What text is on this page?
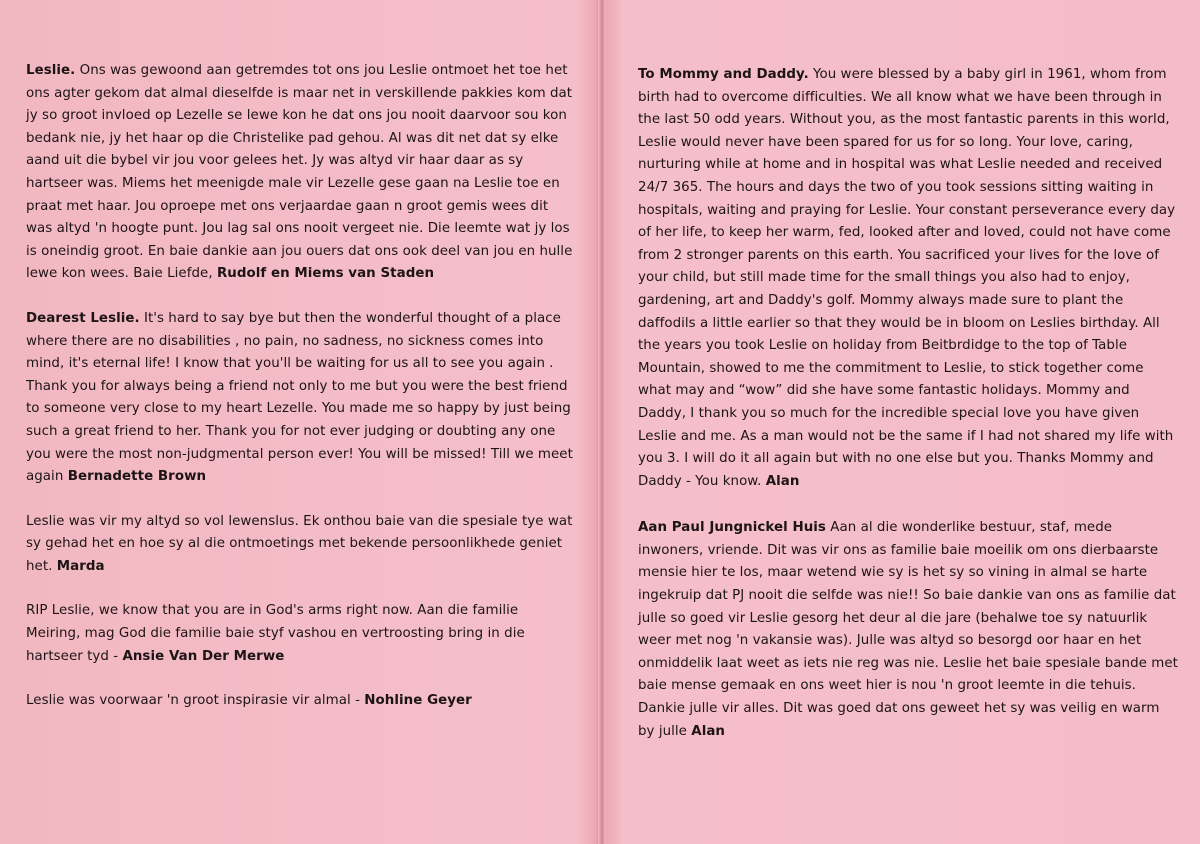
Leslie. Ons was gewoond aan getremdes tot ons jou Leslie ontmoet het toe het ons agter gekom dat almal dieselfde is maar net in verskillende pakkies kom dat jy so groot invloed op Lezelle se lewe kon he dat ons jou nooit daarvoor sou kon bedank nie, jy het haar op die Christelike pad gehou. Al was dit net dat sy elke aand uit die bybel vir jou voor gelees het. Jy was altyd vir haar daar as sy hartseer was. Miems het meenigde male vir Lezelle gese gaan na Leslie toe en praat met haar. Jou oproepe met ons verjaardae gaan n groot gemis wees dit was altyd 'n hoogte punt. Jou lag sal ons nooit vergeet nie. Die leemte wat jy los is oneindig groot. En baie dankie aan jou ouers dat ons ook deel van jou en hulle lewe kon wees. Baie Liefde, Rudolf en Miems van Staden

Dearest Leslie. It's hard to say bye but then the wonderful thought of a place where there are no disabilities , no pain, no sadness, no sickness comes into mind, it's eternal life! I know that you'll be waiting for us all to see you again . Thank you for always being a friend not only to me but you were the best friend to someone very close to my heart Lezelle. You made me so happy by just being such a great friend to her. Thank you for not ever judging or doubting any one you were the most non-judgmental person ever! You will be missed! Till we meet again Bernadette Brown

Leslie was vir my altyd so vol lewenslus. Ek onthou baie van die spesiale tye wat sy gehad het en hoe sy al die ontmoetings met bekende persoonlikhede geniet het. Marda

RIP Leslie, we know that you are in God's arms right now. Aan die familie Meiring, mag God die familie baie styf vashou en vertroosting bring in die hartseer tyd - Ansie Van Der Merwe

Leslie was voorwaar 'n groot inspirasie vir almal - Nohline Geyer

To Mommy and Daddy. You were blessed by a baby girl in 1961, whom from birth had to overcome difficulties. We all know what we have been through in the last 50 odd years. Without you, as the most fantastic parents in this world, Leslie would never have been spared for us for so long. Your love, caring, nurturing while at home and in hospital was what Leslie needed and received 24/7 365. The hours and days the two of you took sessions sitting waiting in hospitals, waiting and praying for Leslie. Your constant perseverance every day of her life, to keep her warm, fed, looked after and loved, could not have come from 2 stronger parents on this earth. You sacrificed your lives for the love of your child, but still made time for the small things you also had to enjoy, gardening, art and Daddy's golf. Mommy always made sure to plant the daffodils a little earlier so that they would be in bloom on Leslies birthday. All the years you took Leslie on holiday from Beitbrdidge to the top of Table Mountain, showed to me the commitment to Leslie, to stick together come what may and “wow” did she have some fantastic holidays. Mommy and Daddy, I thank you so much for the incredible special love you have given Leslie and me. As a man would not be the same if I had not shared my life with you 3. I will do it all again but with no one else but you. Thanks Mommy and Daddy - You know. Alan

Aan Paul Jungnickel Huis Aan al die wonderlike bestuur, staf, mede inwoners, vriende. Dit was vir ons as familie baie moeilik om ons dierbaarste mensie hier te los, maar wetend wie sy is het sy so vining in almal se harte ingekruip dat PJ nooit die selfde was nie!! So baie dankie van ons as familie dat julle so goed vir Leslie gesorg het deur al die jare (behalwe toe sy natuurlik weer met nog 'n vakansie was). Julle was altyd so besorgd oor haar en het onmiddelik laat weet as iets nie reg was nie. Leslie het baie spesiale bande met baie mense gemaak en ons weet hier is nou 'n groot leemte in die tehuis. Dankie julle vir alles. Dit was goed dat ons geweet het sy was veilig en warm by julle Alan
